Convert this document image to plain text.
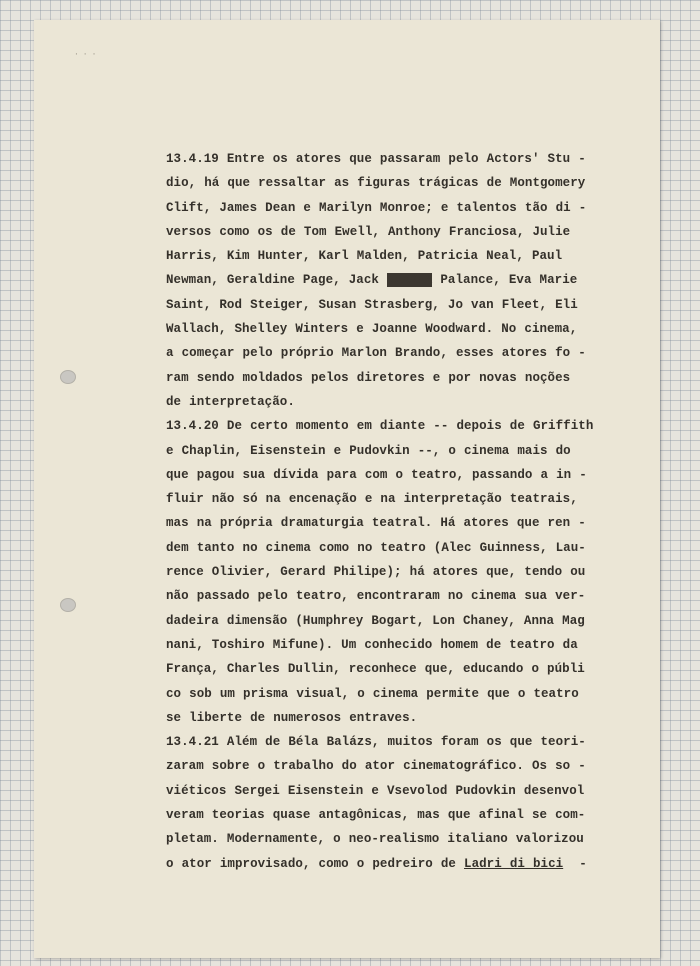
···
13.4.19 Entre os atores que passaram pelo Actors' Stu -
dio, há que ressaltar as figuras trágicas de Montgomery
Clift, James Dean e Marilyn Monroe; e talentos tão di -
versos como os de Tom Ewell, Anthony Franciosa, Julie
Harris, Kim Hunter, Karl Malden, Patricia Neal, Paul
Newman, Geraldine Page, Jack XXXXXX Palance, Eva Marie
Saint, Rod Steiger, Susan Strasberg, Jo van Fleet, Eli
Wallach, Shelley Winters e Joanne Woodward. No cinema,
a começar pelo próprio Marlon Brando, esses atores fo -
ram sendo moldados pelos diretores e por novas noções
de interpretação.
13.4.20 De certo momento em diante -- depois de Griffith
e Chaplin, Eisenstein e Pudovkin --, o cinema mais do
que pagou sua dívida para com o teatro, passando a in -
fluir não só na encenação e na interpretação teatrais,
mas na própria dramaturgia teatral. Há atores que ren -
dem tanto no cinema como no teatro (Alec Guinness, Lau-
rence Olivier, Gerard Philipe); há atores que, tendo ou
não passado pelo teatro, encontraram no cinema sua ver-
dadeira dimensão (Humphrey Bogart, Lon Chaney, Anna Mag
nani, Toshiro Mifune). Um conhecido homem de teatro da
França, Charles Dullin, reconhece que, educando o públi
co sob um prisma visual, o cinema permite que o teatro
se liberte de numerosos entraves.
13.4.21 Além de Béla Balázs, muitos foram os que teori-
zaram sobre o trabalho do ator cinematográfico. Os so -
viéticos Sergei Eisenstein e Vsevolod Pudovkin desenvol
veram teorias quase antagônicas, mas que afinal se com-
pletam. Modernamente, o neo-realismo italiano valorizou
o ator improvisado, como o pedreiro de Ladri di bici -
